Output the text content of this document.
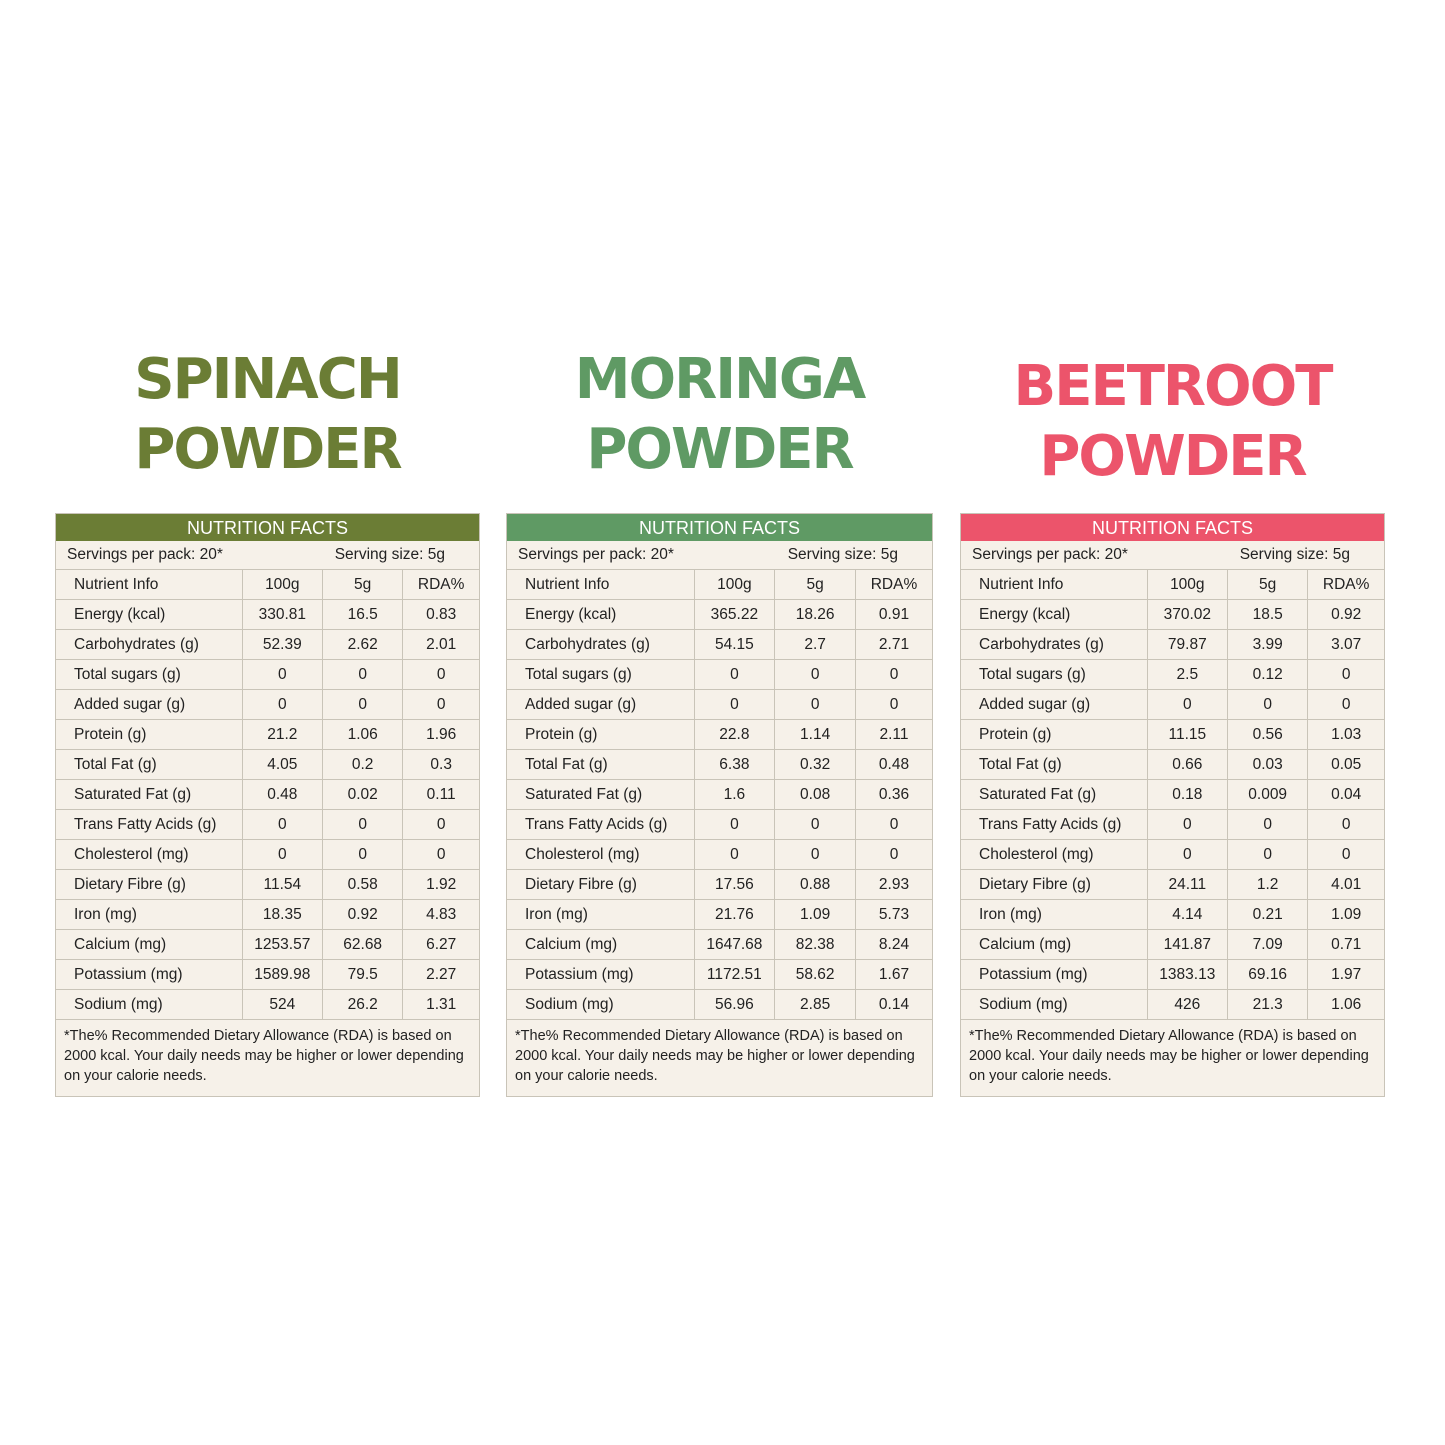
SPINACH
POWDER
NUTRITION FACTS
Servings per pack: 20*	Serving size: 5g
Nutrient Info	100g	5g	RDA%
Energy (kcal)	330.81	16.5	0.83
Carbohydrates (g)	52.39	2.62	2.01
Total sugars (g)	0	0	0
Added sugar (g)	0	0	0
Protein (g)	21.2	1.06	1.96
Total Fat (g)	4.05	0.2	0.3
Saturated Fat (g)	0.48	0.02	0.11
Trans Fatty Acids (g)	0	0	0
Cholesterol (mg)	0	0	0
Dietary Fibre (g)	11.54	0.58	1.92
Iron (mg)	18.35	0.92	4.83
Calcium (mg)	1253.57	62.68	6.27
Potassium (mg)	1589.98	79.5	2.27
Sodium (mg)	524	26.2	1.31
*The% Recommended Dietary Allowance (RDA) is based on 2000 kcal. Your daily needs may be higher or lower depending on your calorie needs.
MORINGA
POWDER
NUTRITION FACTS
Servings per pack: 20*	Serving size: 5g
Nutrient Info	100g	5g	RDA%
Energy (kcal)	365.22	18.26	0.91
Carbohydrates (g)	54.15	2.7	2.71
Total sugars (g)	0	0	0
Added sugar (g)	0	0	0
Protein (g)	22.8	1.14	2.11
Total Fat (g)	6.38	0.32	0.48
Saturated Fat (g)	1.6	0.08	0.36
Trans Fatty Acids (g)	0	0	0
Cholesterol (mg)	0	0	0
Dietary Fibre (g)	17.56	0.88	2.93
Iron (mg)	21.76	1.09	5.73
Calcium (mg)	1647.68	82.38	8.24
Potassium (mg)	1172.51	58.62	1.67
Sodium (mg)	56.96	2.85	0.14
*The% Recommended Dietary Allowance (RDA) is based on 2000 kcal. Your daily needs may be higher or lower depending on your calorie needs.
BEETROOT
POWDER
NUTRITION FACTS
Servings per pack: 20*	Serving size: 5g
Nutrient Info	100g	5g	RDA%
Energy (kcal)	370.02	18.5	0.92
Carbohydrates (g)	79.87	3.99	3.07
Total sugars (g)	2.5	0.12	0
Added sugar (g)	0	0	0
Protein (g)	11.15	0.56	1.03
Total Fat (g)	0.66	0.03	0.05
Saturated Fat (g)	0.18	0.009	0.04
Trans Fatty Acids (g)	0	0	0
Cholesterol (mg)	0	0	0
Dietary Fibre (g)	24.11	1.2	4.01
Iron (mg)	4.14	0.21	1.09
Calcium (mg)	141.87	7.09	0.71
Potassium (mg)	1383.13	69.16	1.97
Sodium (mg)	426	21.3	1.06
*The% Recommended Dietary Allowance (RDA) is based on 2000 kcal. Your daily needs may be higher or lower depending on your calorie needs.
